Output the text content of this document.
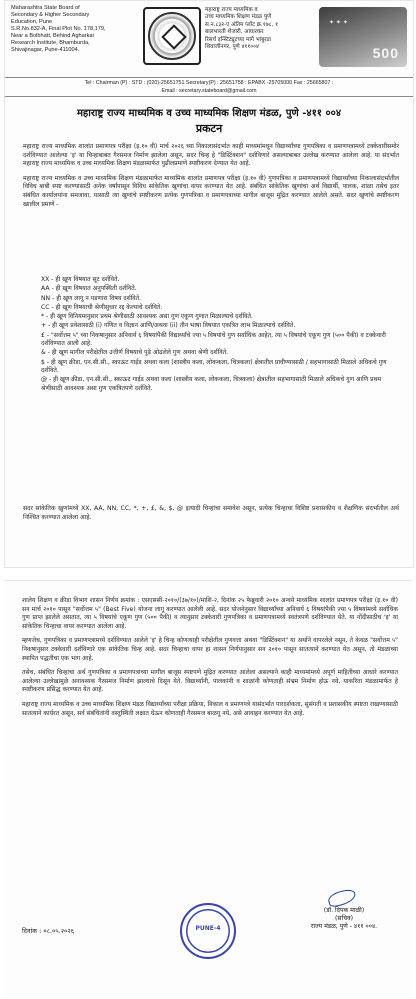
Maharashtra State Board of
Secondary & Higher Secondary
Education, Pune
S.R.No.832-A, Final Plot No. 178,179,
Near a Bolbhatt, Behind Agharkar
Research Institute, Bhamburda,
Shivajinagar, Pune-411004.
महाराष्ट्र राज्य माध्यमिक व
उच्च माध्यमिक शिक्षण मंडळ पुणे
स.न.८३२-ए अंतिम प्लॉट क्र.१७८, १
बालभारती शेजारी, आघारकर
रिसर्च इन्स्टिट्यूटच्या मागे भांबुरडा
शिवाजीनगर, पुणे ४११००४
✦ ✦ ✦
500
Tel : Chairman (P) : STD : (020)-25651751 Secretary(P) : 25651758 : EPABX -25705000 Fax : 25665807 :
Email : secretary.stateboard@gmail.com
महाराष्ट्र राज्य माध्यमिक व उच्च माध्यमिक शिक्षण मंडळ, पुणे -४११ ००४
प्रकटन

महाराष्ट्र राज्य माध्यमिक शालांत प्रमाणपत्र परीक्षा (इ.१० वी) मार्च २०२६ च्या निकालासंदर्भात काही माध्यमांमधून विद्यार्थ्यांच्या गुणपत्रिका व प्रमाणपत्रामध्ये टक्केवारीसमोर दर्शविण्यात आलेल्या 'इ' या चिन्हाबाबत गैरसमज निर्माण झालेला असून, सदर चिन्ह हे "डिस्टिंक्शन" दर्शविणारे असल्याबाबत उल्लेख करण्यात आलेला आहे. या संदर्भात महाराष्ट्र राज्य माध्यमिक व उच्च माध्यमिक शिक्षण मंडळामार्फत पुढीलप्रमाणे स्पष्टीकरण देण्यात येत आहे.

महाराष्ट्र राज्य माध्यमिक व उच्च माध्यमिक शिक्षण मंडळामार्फत माध्यमिक शालांत प्रमाणपत्र परीक्षा (इ.१० वी) गुणपत्रिका व प्रमाणपत्रामध्ये विद्यार्थ्यांच्या निकालासंदर्भातील विविध बाबी स्पष्ट करण्यासाठी अनेक वर्षांपासून विविध सांकेतिक खुणांचा वापर करण्यात येत आहे. संबंधित सांकेतिक खुणांचा अर्थ विद्यार्थी, पालक, शाळा तसेच इतर संबंधित कार्यालयांना समजावा, यासाठी त्या खुणांचे स्पष्टीकरण प्रत्येक गुणपत्रिका व प्रमाणपत्राच्या मागील बाजूस मुद्रित करण्यात आलेले असते. सदर खुणांचे स्पष्टीकरण खालील प्रमाणे -

XX - ही खूण विषयात सूट दर्शविते.
AA - ही खूण विषयात अनुपस्थिती दर्शविते.
NN - ही खूण लागू न पडणारा विषय दर्शविते.
CC - ही खूण विषयाची श्रेणीसुधार रद्द केल्याचे दर्शविते.
* - ही खूण विनियमानुसार प्रथम श्रेणीसाठी आवश्यक असा गुण एकूण गुणात मिळाल्याचे दर्शविते.
+ - ही खूण प्रवेशासाठी (i) गणित व विज्ञान आणि/अथवा (ii) तीन भाषा विषयात एकत्रित लाभ मिळाल्याचे दर्शविते.
£ - "सर्वोत्तम ५" च्या निकषानुसार अनिवार्य ६ विषयांपैकी विद्यार्थ्यांचे ज्या ५ विषयांचे गुण सर्वाधिक आहेत, त्या ५ विषयांचे एकूण गुण (५०० पैकी) व टक्केवारी दर्शविण्यात आली आहे.
& - ही खूण मागील परीक्षेतील उत्तीर्ण विषयाचे पुढे ओढलेले गुण अथवा श्रेणी दर्शविते.
$ - ही खूण क्रीडा, एन.सी.सी., स्काऊट गाईड अथवा कला (शास्त्रीय कला, लोककला, चित्रकला) क्षेत्रातील प्रावीण्यासाठी / सहभागासाठी मिळाले अधिकचे गुण दर्शविते.
@ - ही खूण क्रीडा, एन.सी.सी., स्काऊट गाईड अथवा कला (शास्त्रीय कला, लोककला, चित्रकला) क्षेत्रातील सहभागासाठी मिळाले अधिकचे गुण आणि प्रथम श्रेणीसाठी आवश्यक असा गुण एकत्रितपणे दर्शविते.

सदर सांकेतिक खुणांमध्ये XX, AA, NN, CC, *, +, £, &, $, @ इत्यादी चिन्हांचा समावेश असून, प्रत्येक चिन्हाचा विशिष्ट प्रशासकीय व शैक्षणिक संदर्भातील अर्थ निश्चित करण्यात आलेला आहे.

शालेय शिक्षण व क्रीडा विभाग शासन निर्णय क्रमांक : एसएससी-२०१०/(३७/१०)/माशि-२, दिनांक २५ फेब्रुवारी २०१० अन्वये माध्यमिक शालांत प्रमाणपत्र परीक्षा (इ.१० वी) सन मार्च २०१० पासून "सर्वोत्तम ५" (Best Five) योजना लागू करण्यात आलेली आहे. सदर योजनेनुसार विद्यार्थ्यांच्या अनिवार्य ६ विषयांपैकी ज्या ५ विषयांमध्ये सर्वाधिक गुण प्राप्त झालेले असतात, त्या ५ विषयांचे एकूण गुण (५०० पैकी) व त्यानुसार टक्केवारी गुणपत्रिका व प्रमाणपत्रामध्ये स्वतंत्रपणे दर्शविण्यात येते. या नोंदीसाठीच 'इ' या सांकेतिक चिन्हाचा वापर करण्यात आलेला आहे.

म्हणजेच, गुणपत्रिका व प्रमाणपत्रामध्ये दर्शविण्यात आलेले 'इ' हे चिन्ह कोणत्याही परीक्षेतील गुणवत्ता अथवा "डिस्टिंक्शन" या अर्थाने वापरलेले नसून, ते केवळ "सर्वोत्तम ५" निकषानुसार टक्केवारी दर्शविणारे एक सांकेतिक चिन्ह आहे. सदर चिन्हाचा वापर हा शासन निर्णयानुसार सन २०१० पासून सातत्याने करण्यात येत असून, तो मंडळाच्या स्थापित पद्धतीचा एक भाग आहे.

तसेच, संबंधित चिन्हाचा अर्थ गुणपत्रिका व प्रमाणपत्राच्या मागील बाजूस स्पष्टपणे मुद्रित करण्यात आलेला असल्याने काही माध्यमांमध्ये अपूर्ण माहितीच्या आधारे करण्यात आलेल्या उल्लेखामुळे अनावश्यक गैरसमज निर्माण झाल्याचे दिसून येते. विद्यार्थ्यांनी, पालकांनी व शाळांनी कोणताही संभ्रम निर्माण होऊ नये, याकरिता मंडळामार्फत हे स्पष्टीकरण प्रसिद्ध करण्यात येत आहे.

महाराष्ट्र राज्य माध्यमिक व उच्च माध्यमिक शिक्षण मंडळ विद्यार्थ्यांच्या परीक्षा प्रक्रिया, निकाल व प्रमाणपत्रे यासंदर्भात पारदर्शकता, सुसंगती व प्रशासकीय स्पष्टता राखण्यासाठी सातत्याने कार्यरत असून, सर्व संबंधितांनी वस्तुस्थिती लक्षात घेऊन कोणताही गैरसमज बाळगू नये, असे आवाहन करण्यात येत आहे.

दिनांक : ०८.०५.२०२६	PUNE-4
(डॉ. दिपक माळी)
(सचिव)
राज्य मंडळ, पुणे - ४११ ००४.
